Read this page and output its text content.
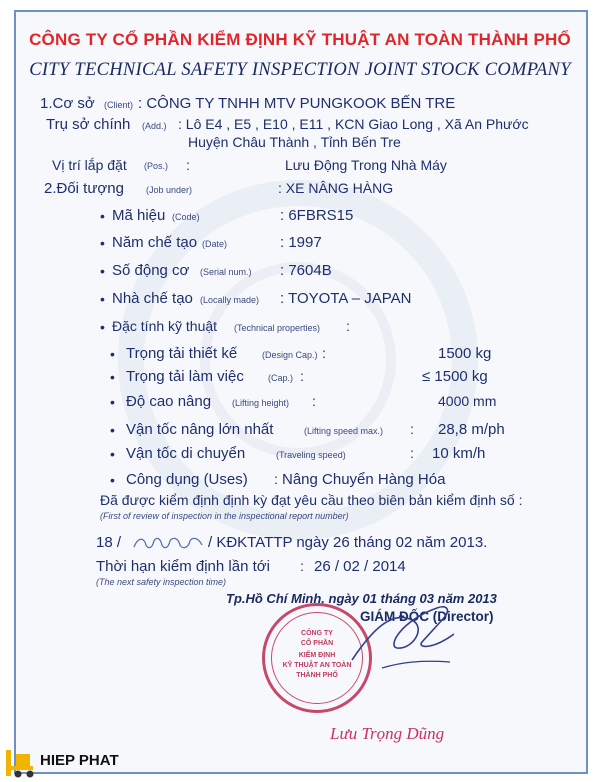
CÔNG TY CỔ PHẦN KIỂM ĐỊNH KỸ THUẬT AN TOÀN THÀNH PHỐ
CITY TECHNICAL SAFETY INSPECTION JOINT STOCK COMPANY
1.Cơ sở (Client) : CÔNG TY TNHH MTV PUNGKOOK BẾN TRE
Trụ sở chính (Add.) : Lô E4 , E5 , E10 , E11 , KCN Giao Long , Xã An Phước
Huyện Châu Thành , Tỉnh Bến Tre
Vị trí lắp đặt (Pos.) :	Lưu Động Trong Nhà Máy
2.Đối tượng (Job under)	: XE NÂNG HÀNG
• Mã hiệu (Code)	: 6FBRS15
• Năm chế tạo (Date)	: 1997
• Số động cơ (Serial num.) : 7604B
• Nhà chế tạo (Locally made) : TOYOTA – JAPAN
• Đặc tính kỹ thuật (Technical properties) :
• Trọng tải thiết kế	(Design Cap.) :	1500 kg
• Trọng tải làm việc	(Cap.) :	≤ 1500 kg
• Độ cao nâng (Lifting height) :	4000 mm
• Vận tốc nâng lớn nhất	(Lifting speed max.) : 28,8 m/ph
• Vận tốc di chuyển	(Traveling speed)	: 10 km/h
• Công dụng (Uses) : Nâng Chuyển Hàng Hóa
Đã được kiểm định định kỳ đạt yêu cầu theo biên bản kiểm định số :
(First of review of inspection in the inspectional report number)
18 /	/ KĐKTATTP ngày 26 tháng 02 năm 2013.
Thời hạn kiểm định lần tới : 26 / 02 / 2014
(The next safety inspection time)
Tp.Hồ Chí Minh, ngày 01 tháng 03 năm 2013
GIÁM ĐỐC (Director)
CÔNG TY
CỔ PHẦN
KIỂM ĐỊNH
KỸ THUẬT AN TOÀN
THÀNH PHỐ
Lưu Trọng Dũng
HIEP PHAT
